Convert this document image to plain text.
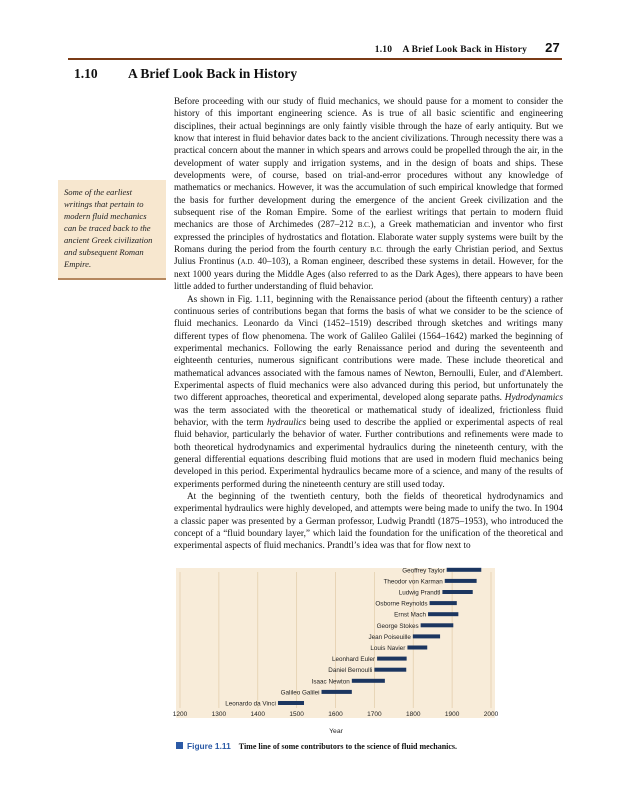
1.10 A Brief Look Back in History 27
1.10 A Brief Look Back in History
Some of the earliest writings that pertain to modern fluid mechanics can be traced back to the ancient Greek civilization and subsequent Roman Empire.

Before proceeding with our study of fluid mechanics, we should pause for a moment to consider the history of this important engineering science. As is true of all basic scientific and engineering disciplines, their actual beginnings are only faintly visible through the haze of early antiquity. But we know that interest in fluid behavior dates back to the ancient civilizations. Through necessity there was a practical concern about the manner in which spears and arrows could be propelled through the air, in the development of water supply and irrigation systems, and in the design of boats and ships. These developments were, of course, based on trial-and-error procedures without any knowledge of mathematics or mechanics. However, it was the accumulation of such empirical knowledge that formed the basis for further development during the emergence of the ancient Greek civilization and the subsequent rise of the Roman Empire. Some of the earliest writings that pertain to modern fluid mechanics are those of Archimedes (287–212 B.C.), a Greek mathematician and inventor who first expressed the principles of hydrostatics and flotation. Elaborate water supply systems were built by the Romans during the period from the fourth century B.C. through the early Christian period, and Sextus Julius Frontinus (A.D. 40–103), a Roman engineer, described these systems in detail. However, for the next 1000 years during the Middle Ages (also referred to as the Dark Ages), there appears to have been little added to further understanding of fluid behavior.

As shown in Fig. 1.11, beginning with the Renaissance period (about the fifteenth century) a rather continuous series of contributions began that forms the basis of what we consider to be the science of fluid mechanics. Leonardo da Vinci (1452–1519) described through sketches and writings many different types of flow phenomena. The work of Galileo Galilei (1564–1642) marked the beginning of experimental mechanics. Following the early Renaissance period and during the seventeenth and eighteenth centuries, numerous significant contributions were made. These include theoretical and mathematical advances associated with the famous names of Newton, Bernoulli, Euler, and d'Alembert. Experimental aspects of fluid mechanics were also advanced during this period, but unfortunately the two different approaches, theoretical and experimental, developed along separate paths. Hydrodynamics was the term associated with the theoretical or mathematical study of idealized, frictionless fluid behavior, with the term hydraulics being used to describe the applied or experimental aspects of real fluid behavior, particularly the behavior of water. Further contributions and refinements were made to both theoretical hydrodynamics and experimental hydraulics during the nineteenth century, with the general differential equations describing fluid motions that are used in modern fluid mechanics being developed in this period. Experimental hydraulics became more of a science, and many of the results of experiments performed during the nineteenth century are still used today.

At the beginning of the twentieth century, both the fields of theoretical hydrodynamics and experimental hydraulics were highly developed, and attempts were being made to unify the two. In 1904 a classic paper was presented by a German professor, Ludwig Prandtl (1875–1953), who introduced the concept of a “fluid boundary layer,” which laid the foundation for the unification of the theoretical and experimental aspects of fluid mechanics. Prandtl’s idea was that for flow next to

Leonardo da Vinci
Galileo Galilei
Isaac Newton
Daniel Bernoulli
Leonhard Euler
Louis Navier
Jean Poiseuille
George Stokes
Ernst Mach
Osborne Reynolds
Ludwig Prandtl
Theodor von Karman
Geoffrey Taylor
1200	1300	1400	1500	1600	1700	1800	1900	2000
Figure 1.11 Time line of some contributors to the science of fluid mechanics.
Year
